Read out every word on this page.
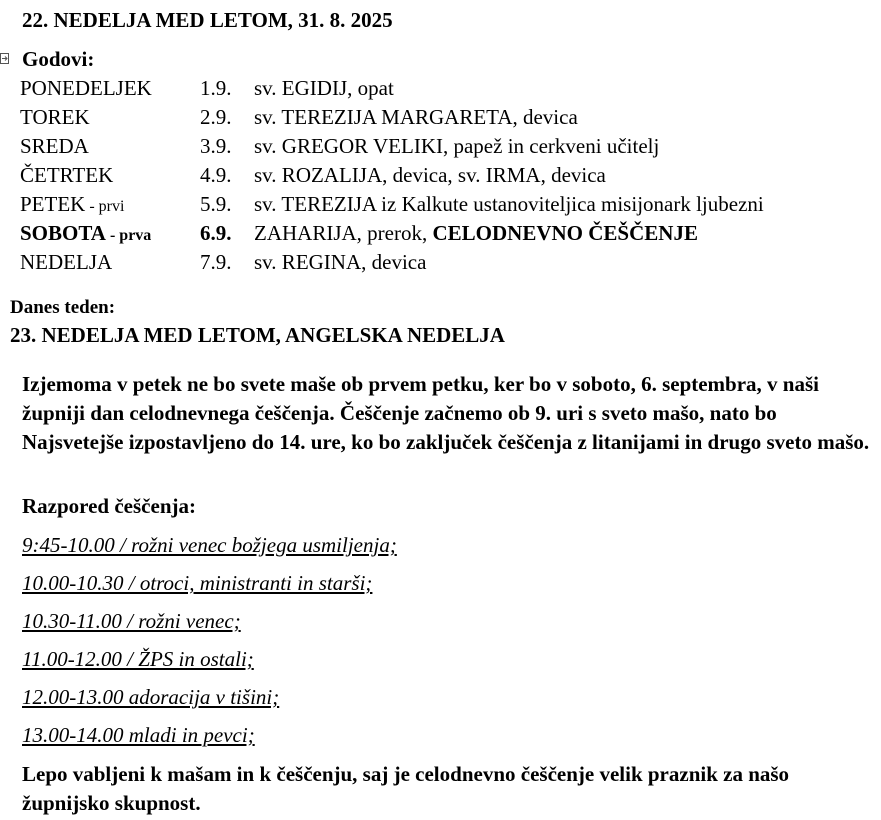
22. NEDELJA MED LETOM, 31. 8. 2025
Godovi:
PONEDELJEK	1.9.	sv. EGIDIJ, opat
TOREK	2.9.	sv. TEREZIJA MARGARETA, devica
SREDA	3.9.	sv. GREGOR VELIKI, papež in cerkveni učitelj
ČETRTEK	4.9.	sv. ROZALIJA, devica, sv. IRMA, devica
PETEK - prvi	5.9.	sv. TEREZIJA iz Kalkute ustanoviteljica misijonark ljubezni
SOBOTA - prva	6.9.	ZAHARIJA, prerok, CELODNEVNO ČEŠČENJE
NEDELJA	7.9.	sv. REGINA, devica
Danes teden:
23. NEDELJA MED LETOM, ANGELSKA NEDELJA

Izjemoma v petek ne bo svete maše ob prvem petku, ker bo v soboto, 6. septembra, v naši župniji dan celodnevnega češčenja. Češčenje začnemo ob 9. uri s sveto mašo, nato bo Najsvetejše izpostavljeno do 14. ure, ko bo zaključek češčenja z litanijami in drugo sveto mašo.

Razpored češčenja:
9:45-10.00 / rožni venec božjega usmiljenja;
10.00-10.30 / otroci, ministranti in starši;
10.30-11.00 / rožni venec;
11.00-12.00 / ŽPS in ostali;
12.00-13.00 adoracija v tišini;
13.00-14.00 mladi in pevci;

Lepo vabljeni k mašam in k češčenju, saj je celodnevno češčenje velik praznik za našo župnijsko skupnost.
